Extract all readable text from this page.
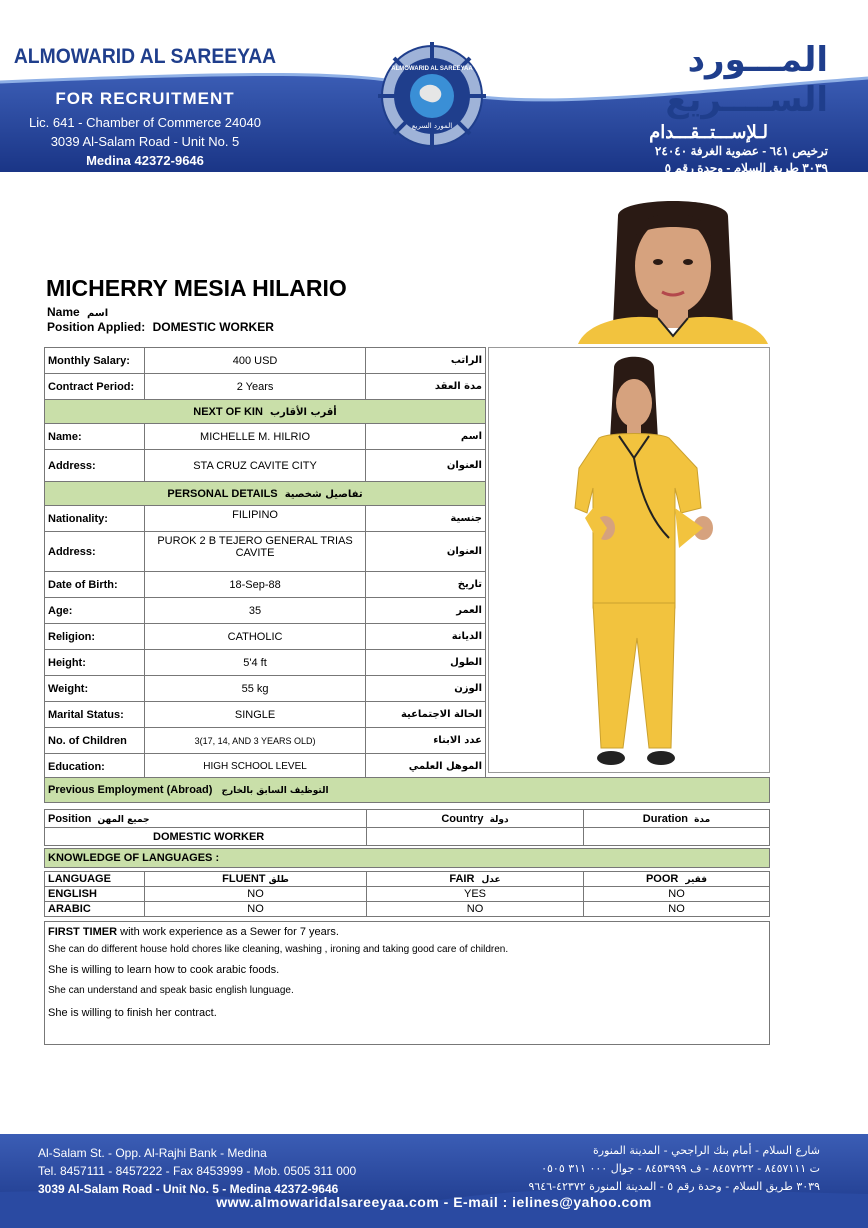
ALMOWARID AL SAREEYAA
FOR RECRUITMENT
Lic. 641 - Chamber of Commerce 24040
3039 Al-Salam Road - Unit No. 5
Medina 42372-9646
ALMOWARID AL SAREEYAA
المورد السريع
المـــورد الســــريع
لـلإســـتــقـــدام
ترخيص ٦٤١ - عضوية الغرفة ٢٤٠٤٠
٣٠٣٩ طريق السلام - وحدة رقم ٥
المدينة المنورة ٤٢٣٧٢-٩٦٤٦
MICHERRY MESIA HILARIO
Name اسم
Position Applied: DOMESTIC WORKER
Monthly Salary:	400 USD	الراتب
Contract Period:	2 Years	مدة العقد
NEXT OF KIN أقرب الأقارب		
Name:	MICHELLE M. HILRIO	اسم
Address:	STA CRUZ CAVITE CITY	العنوان
PERSONAL DETAILS تفاصيل شخصية		
Nationality:	FILIPINO	جنسية
Address:	PUROK 2 B TEJERO GENERAL TRIAS CAVITE	العنوان
Date of Birth:	18-Sep-88	تاريخ
Age:	35	العمر
Religion:	CATHOLIC	الديانة
Height:	5'4 ft	الطول
Weight:	55 kg	الوزن
Marital Status:	SINGLE	الحالة الاجتماعية
No. of Children	3(17, 14, AND 3 YEARS OLD)	عدد الابناء
Education:	HIGH SCHOOL LEVEL	الموهل العلمي
Previous Employment (Abroad) التوظيف السابق بالخارج
Position جميع المهن	Country دولة	Duration مدة
DOMESTIC WORKER		
KNOWLEDGE OF LANGUAGES :
LANGUAGE	FLUENT طلق	FAIR عدل	POOR فقير
ENGLISH	NO	YES	NO
ARABIC	NO	NO	NO

FIRST TIMER with work experience as a Sewer for 7 years.

She can do different house hold chores like cleaning, washing , ironing and taking good care of children.

She is willing to learn how to cook arabic foods.

She can understand and speak basic english lunguage.

She is willing to finish her contract.

Al-Salam St. - Opp. Al-Rajhi Bank - Medina
Tel. 8457111 - 8457222 - Fax 8453999 - Mob. 0505 311 000
3039 Al-Salam Road - Unit No. 5 - Medina 42372-9646
شارع السلام - أمام بنك الراجحي - المدينة المنورة
ت ٨٤٥٧١١١ - ٨٤٥٧٢٢٢ - ف ٨٤٥٣٩٩٩ - جوال ٠٠٠ ٣١١ ٠٥٠٥
٣٠٣٩ طريق السلام - وحدة رقم ٥ - المدينة المنورة ٤٢٣٧٢-٩٦٤٦
www.almowaridalsareeyaa.com - E-mail : ielines@yahoo.com
